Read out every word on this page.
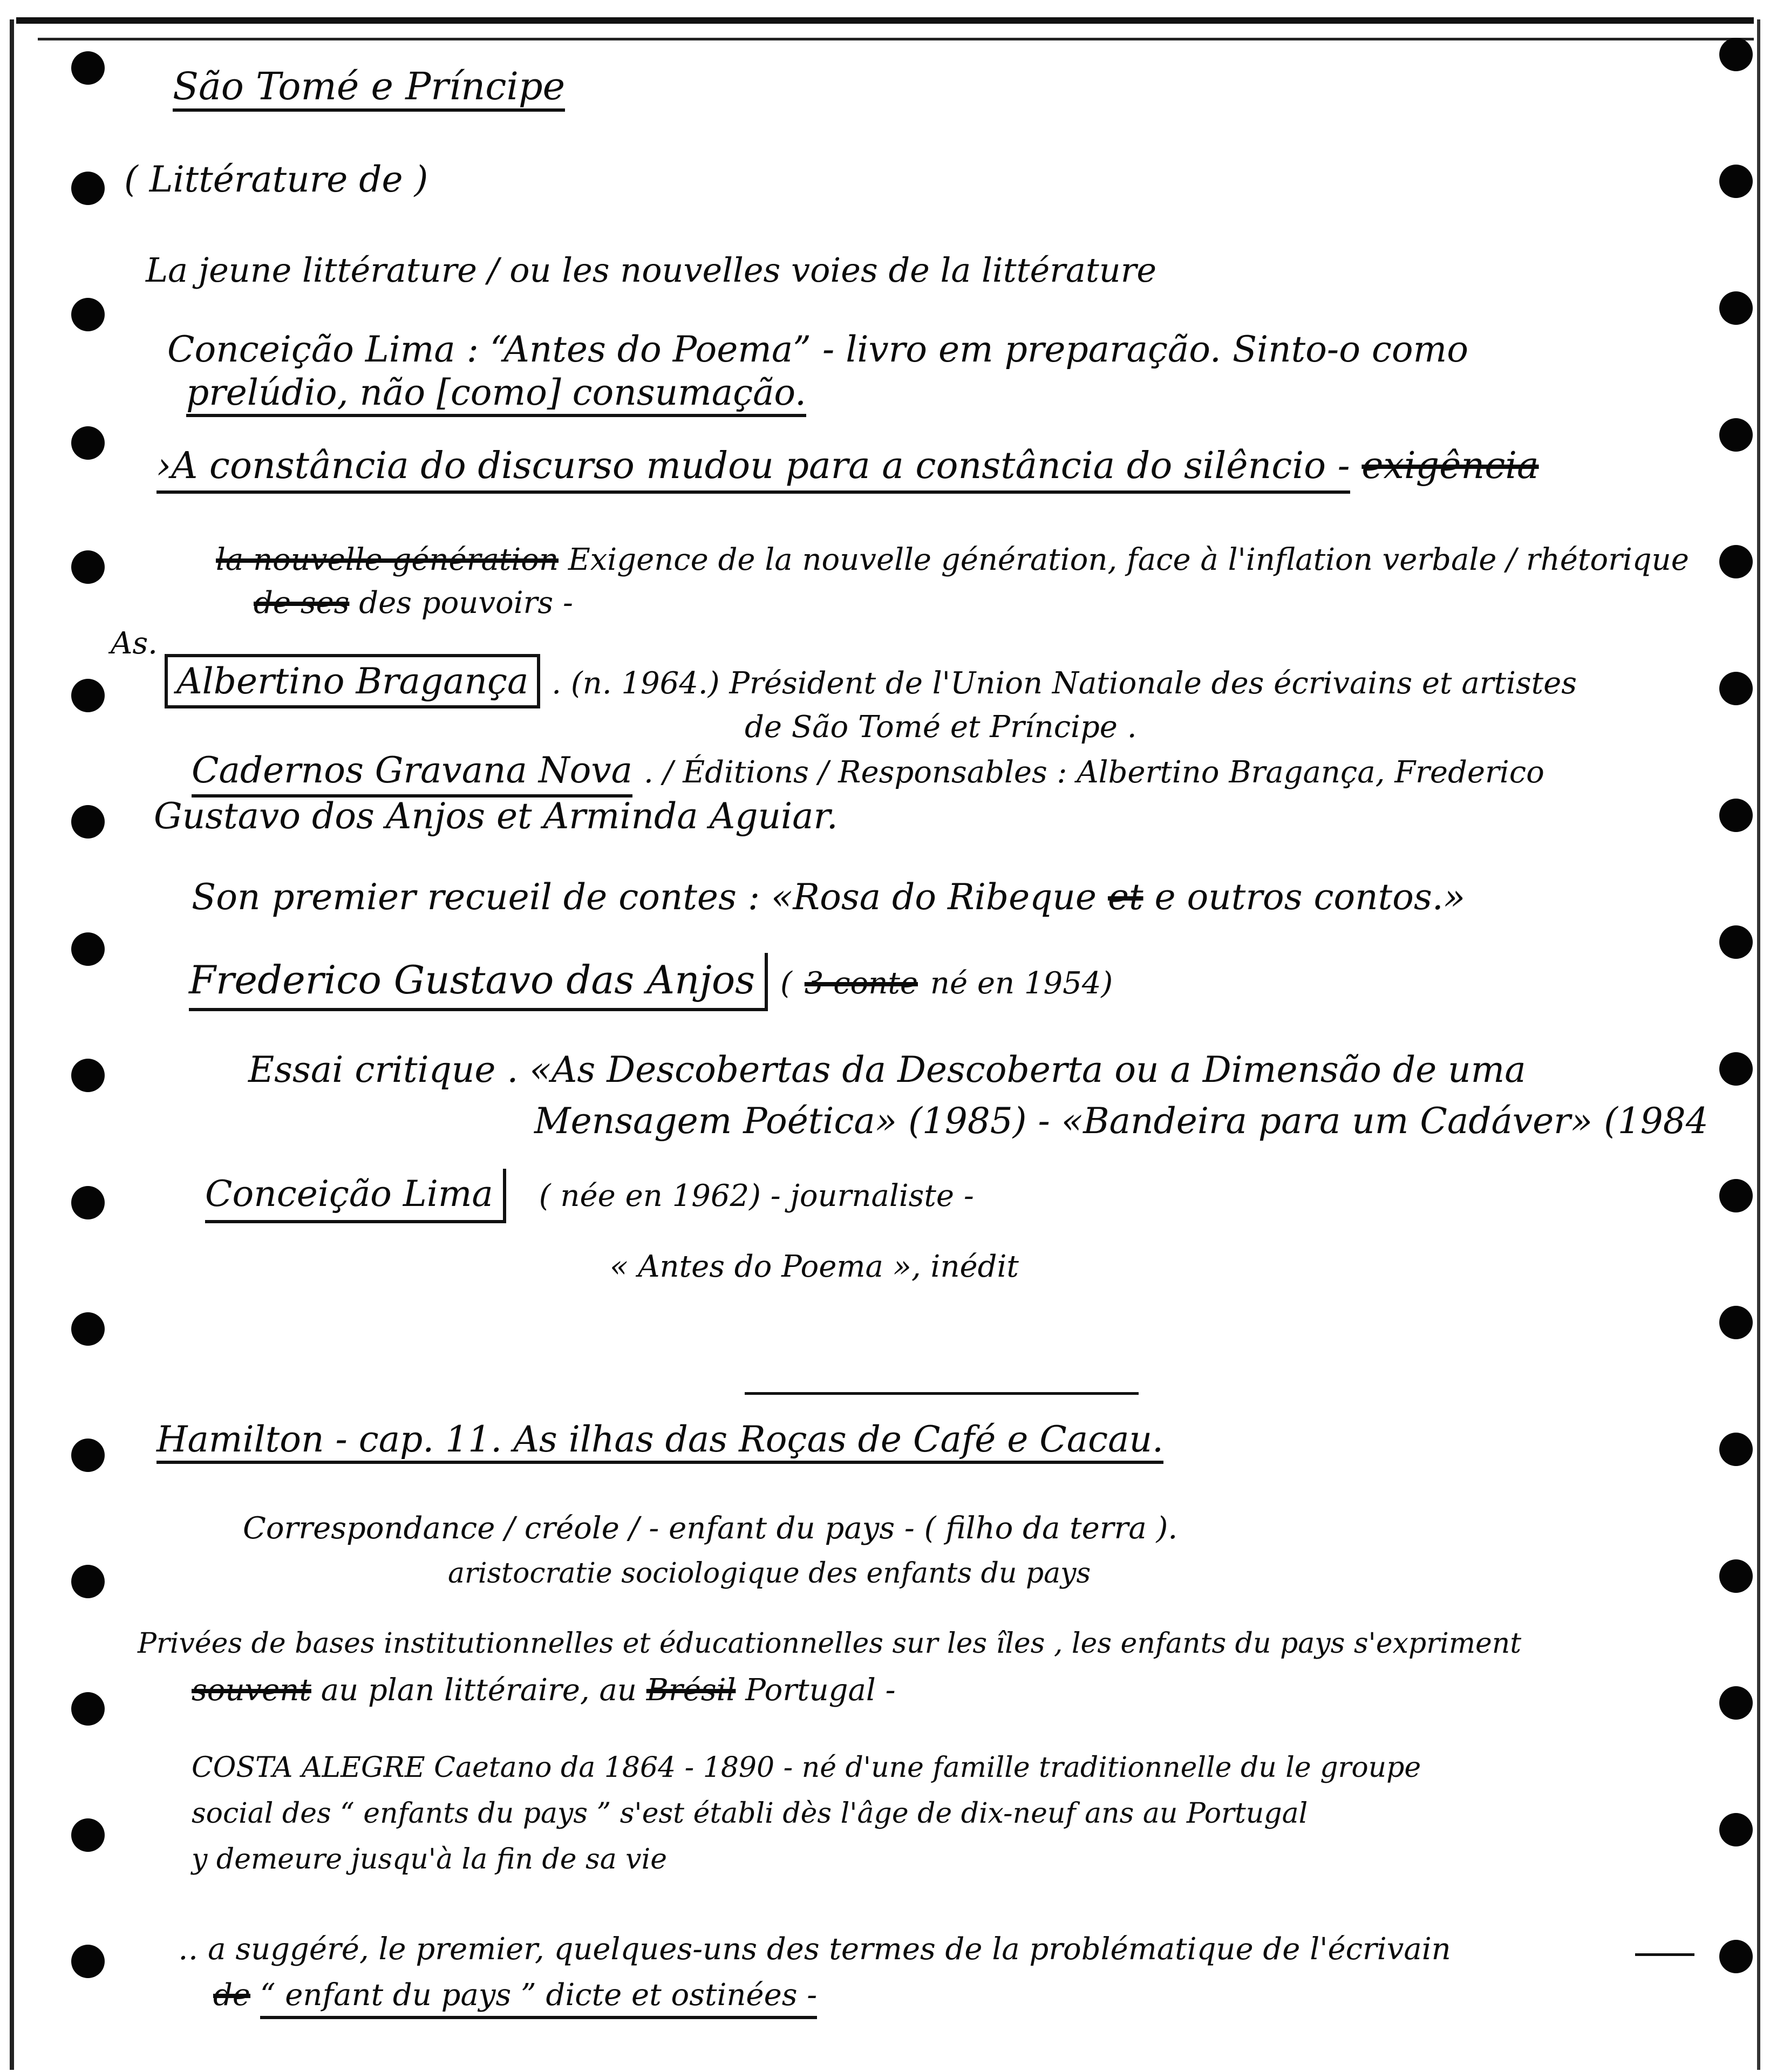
São Tomé e Príncipe
( Littérature de )
La jeune littérature / ou les nouvelles voies de la littérature
Conceição Lima : “Antes do Poema” - livro em preparação. Sinto-o como
prelúdio, não [como] consumação.
›A constância do discurso mudou para a constância do silêncio - exigência
la nouvelle génération Exigence de la nouvelle génération, face à l'inflation verbale / rhétorique
de ses des pouvoirs -
As.
Albertino Bragança . (n. 1964.) Président de l'Union Nationale des écrivains et artistes
de São Tomé et Príncipe .
Cadernos Gravana Nova . / Éditions / Responsables : Albertino Bragança, Frederico
Gustavo dos Anjos et Arminda Aguiar.
Son premier recueil de contes : «Rosa do Ribeque et e outros contos.»
Frederico Gustavo das Anjos ( 3 conte né en 1954)
Essai critique . «As Descobertas da Descoberta ou a Dimensão de uma
Mensagem Poética» (1985) - «Bandeira para um Cadáver» (1984
Conceição Lima ( née en 1962) - journaliste -
« Antes do Poema », inédit
Hamilton - cap. 11. As ilhas das Roças de Café e Cacau.
Correspondance / créole / - enfant du pays - ( filho da terra ).
aristocratie sociologique des enfants du pays
Privées de bases institutionnelles et éducationnelles sur les îles , les enfants du pays s'expriment
souvent au plan littéraire, au Brésil Portugal -
COSTA ALEGRE Caetano da 1864 - 1890 - né d'une famille traditionnelle du le groupe
social des “ enfants du pays ” s'est établi dès l'âge de dix-neuf ans au Portugal
y demeure jusqu'à la fin de sa vie
‥ a suggéré, le premier, quelques-uns des termes de la problématique de l'écrivain
de “ enfant du pays ” dicte et ostinées -
